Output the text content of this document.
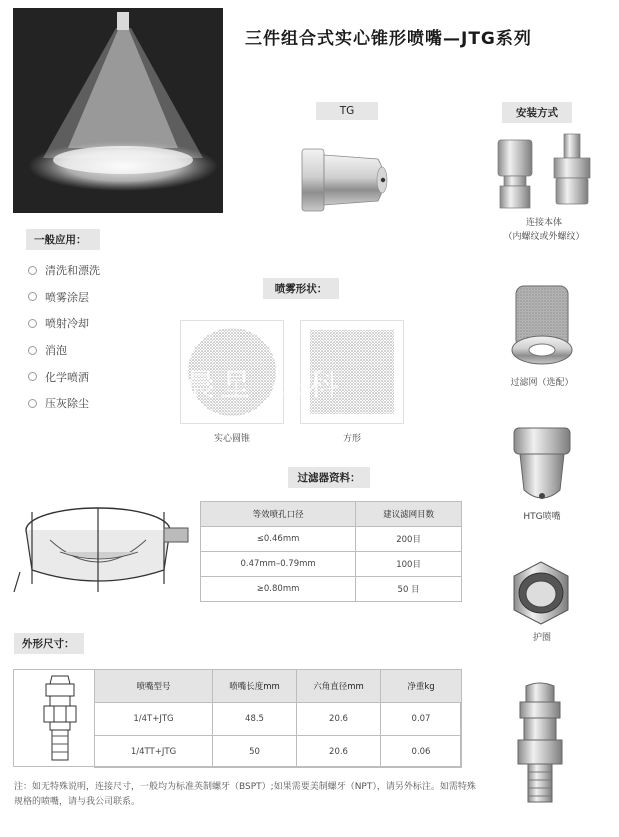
三件组合式实心锥形喷嘴—JTG系列
TG	安装方式
连接本体
（内螺纹或外螺纹）
一般应用：
清洗和漂洗
喷雾涂层
喷射冷却
消泡
化学喷洒
压灰除尘
喷雾形状：
晨星 保科
实心圆锥	方形
过滤器资料：
等效喷孔口径	建议滤网目数
≤0.46mm	200目
0.47mm–0.79mm	100目
≥0.80mm	50 目
过滤网（选配）
HTG喷嘴
护圈
外形尺寸：
喷嘴型号	喷嘴长度mm	六角直径mm	净重kg
1/4T+JTG	48.5	20.6	0.07
1/4TT+JTG	50	20.6	0.06
注：如无特殊说明，连接尺寸，一般均为标准英制螺牙（BSPT）;如果需要美制螺牙（NPT），请另外标注。如需特殊规格的喷嘴，请与我公司联系。
